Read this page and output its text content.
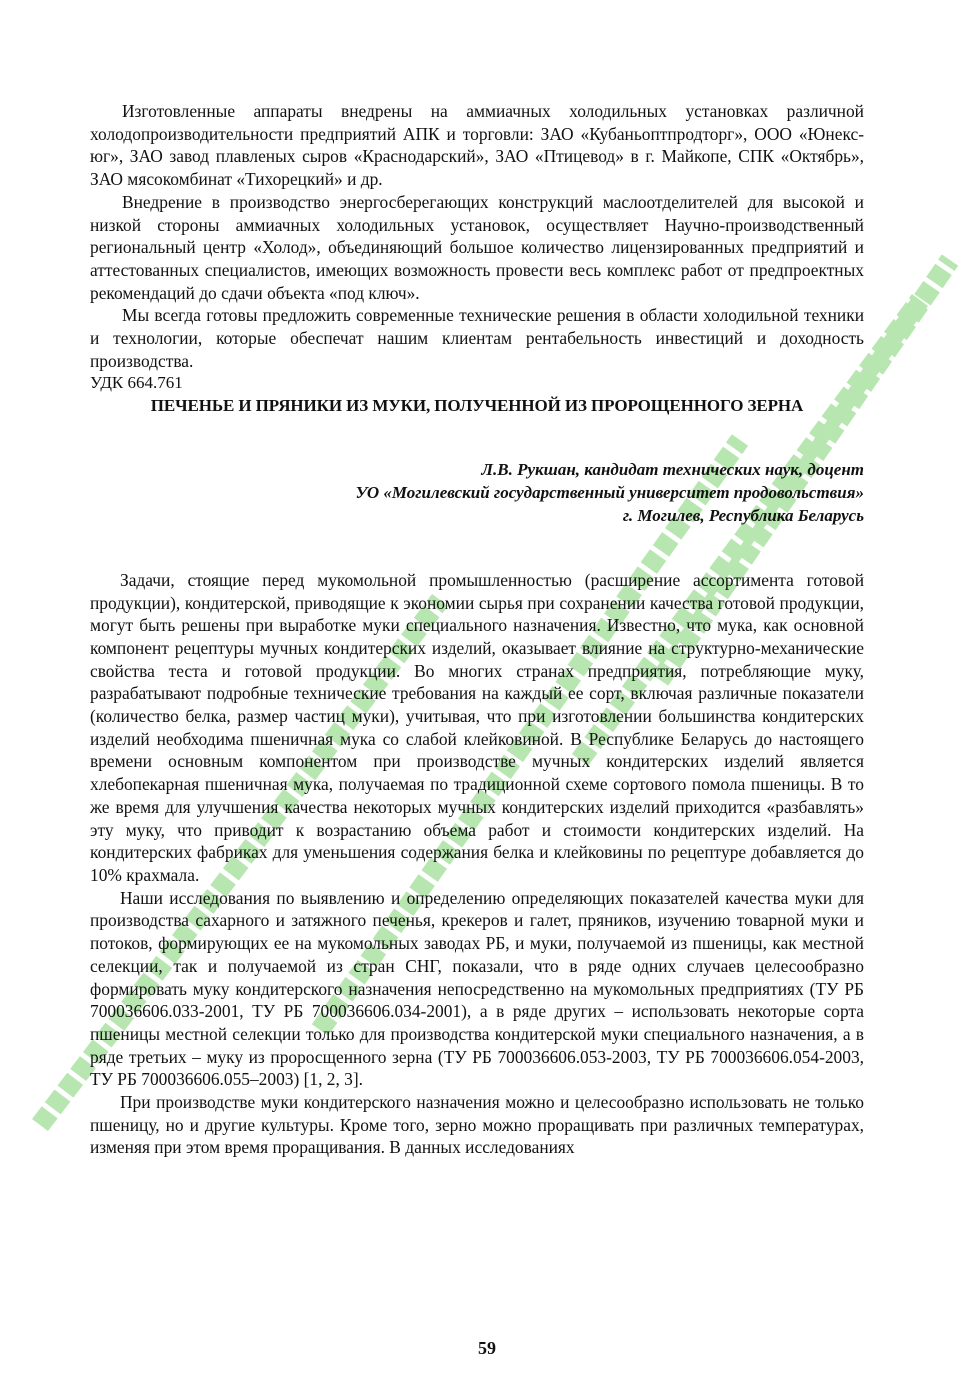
Изготовленные аппараты внедрены на аммиачных холодильных установках различной холодопроизводительности предприятий АПК и торговли: ЗАО «Кубаньоптпродторг», ООО «Юнекс-юг», ЗАО завод плавленых сыров «Краснодарский», ЗАО «Птицевод» в г. Майкопе, СПК «Октябрь», ЗАО мясокомбинат «Тихорецкий» и др.

Внедрение в производство энергосберегающих конструкций маслоотделителей для высокой и низкой стороны аммиачных холодильных установок, осуществляет Научно-производственный региональный центр «Холод», объединяющий большое количество лицензированных предприятий и аттестованных специалистов, имеющих возможность провести весь комплекс работ от предпроектных рекомендаций до сдачи объекта «под ключ».

Мы всегда готовы предложить современные технические решения в области холодильной техники и технологии, которые обеспечат нашим клиентам рентабельность инвестиций и доходность производства.

УДК 664.761

ПЕЧЕНЬЕ И ПРЯНИКИ ИЗ МУКИ, ПОЛУЧЕННОЙ ИЗ ПРОРОЩЕННОГО ЗЕРНА

Л.В. Рукшан, кандидат технических наук, доцент
УО «Могилевский государственный университет продовольствия»
г. Могилев, Республика Беларусь

Задачи, стоящие перед мукомольной промышленностью (расширение ассортимента готовой продукции), кондитерской, приводящие к экономии сырья при сохранении качества готовой продукции, могут быть решены при выработке муки специального назначения. Известно, что мука, как основной компонент рецептуры мучных кондитерских изделий, оказывает влияние на структурно-механические свойства теста и готовой продукции. Во многих странах предприятия, потребляющие муку, разрабатывают подробные технические требования на каждый ее сорт, включая различные показатели (количество белка, размер частиц муки), учитывая, что при изготовлении большинства кондитерских изделий необходима пшеничная мука со слабой клейковиной. В Республике Беларусь до настоящего времени основным компонентом при производстве мучных кондитерских изделий является хлебопекарная пшеничная мука, получаемая по традиционной схеме сортового помола пшеницы. В то же время для улучшения качества некоторых мучных кондитерских изделий приходится «разбавлять» эту муку, что приводит к возрастанию объема работ и стоимости кондитерских изделий. На кондитерских фабриках для уменьшения содержания белка и клейковины по рецептуре добавляется до 10% крахмала.

Наши исследования по выявлению и определению определяющих показателей качества муки для производства сахарного и затяжного печенья, крекеров и галет, пряников, изучению товарной муки и потоков, формирующих ее на мукомольных заводах РБ, и муки, получаемой из пшеницы, как местной селекции, так и получаемой из стран СНГ, показали, что в ряде одних случаев целесообразно формировать муку кондитерского назначения непосредственно на мукомольных предприятиях (ТУ РБ 700036606.033-2001, ТУ РБ 700036606.034-2001), а в ряде других – использовать некоторые сорта пшеницы местной селекции только для производства кондитерской муки специального назначения, а в ряде третьих – муку из проросщенного зерна (ТУ РБ 700036606.053-2003, ТУ РБ 700036606.054-2003, ТУ РБ 700036606.055–2003) [1, 2, 3].

При производстве муки кондитерского назначения можно и целесообразно использовать не только пшеницу, но и другие культуры. Кроме того, зерно можно проращивать при различных температурах, изменяя при этом время проращивания. В данных исследованиях

59
